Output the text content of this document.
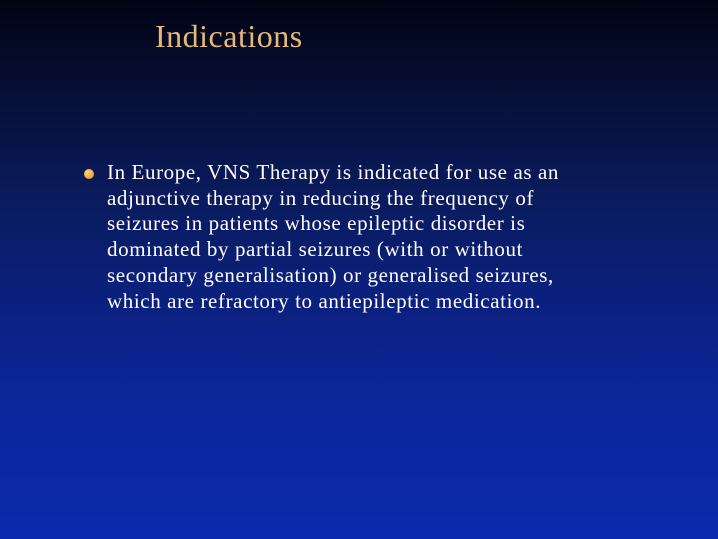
Indications
In Europe, VNS Therapy is indicated for use as an adjunctive therapy in reducing the frequency of seizures in patients whose epileptic disorder is dominated by partial seizures (with or without secondary generalisation) or generalised seizures, which are refractory to antiepileptic medication.
